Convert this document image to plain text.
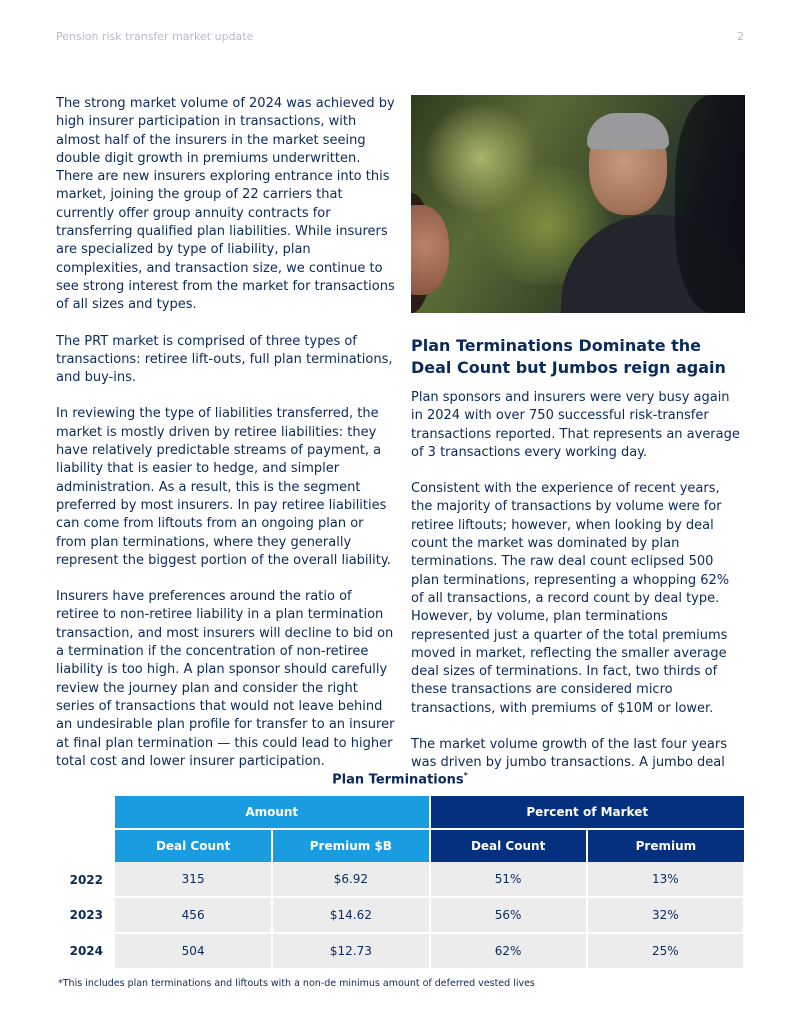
Pension risk transfer market update	2

The strong market volume of 2024 was achieved by high insurer participation in transactions, with almost half of the insurers in the market seeing double digit growth in premiums underwritten. There are new insurers exploring entrance into this market, joining the group of 22 carriers that currently offer group annuity contracts for transferring qualified plan liabilities. While insurers are specialized by type of liability, plan complexities, and transaction size, we continue to see strong interest from the market for transactions of all sizes and types.

The PRT market is comprised of three types of transactions: retiree lift-outs, full plan terminations, and buy-ins.

In reviewing the type of liabilities transferred, the market is mostly driven by retiree liabilities: they have relatively predictable streams of payment, a liability that is easier to hedge, and simpler administration. As a result, this is the segment preferred by most insurers. In pay retiree liabilities can come from liftouts from an ongoing plan or from plan terminations, where they generally represent the biggest portion of the overall liability.

Insurers have preferences around the ratio of retiree to non-retiree liability in a plan termination transaction, and most insurers will decline to bid on a termination if the concentration of non-retiree liability is too high. A plan sponsor should carefully review the journey plan and consider the right series of transactions that would not leave behind an undesirable plan profile for transfer to an insurer at final plan termination — this could lead to higher total cost and lower insurer participation.

Plan Terminations Dominate the Deal Count but Jumbos reign again

Plan sponsors and insurers were very busy again in 2024 with over 750 successful risk-transfer transactions reported. That represents an average of 3 transactions every working day.

Consistent with the experience of recent years, the majority of transactions by volume were for retiree liftouts; however, when looking by deal count the market was dominated by plan terminations. The raw deal count eclipsed 500 plan terminations, representing a whopping 62% of all transactions, a record count by deal type. However, by volume, plan terminations represented just a quarter of the total premiums moved in market, reflecting the smaller average deal sizes of terminations. In fact, two thirds of these transactions are considered micro transactions, with premiums of $10M or lower.

The market volume growth of the last four years was driven by jumbo transactions. A jumbo deal

Plan Terminations*
	Amount		Percent of Market	
	Deal Count	Premium $B	Deal Count	Premium
2022	315	$6.92	51%	13%
2023	456	$14.62	56%	32%
2024	504	$12.73	62%	25%
*This includes plan terminations and liftouts with a non-de minimus amount of deferred vested lives
